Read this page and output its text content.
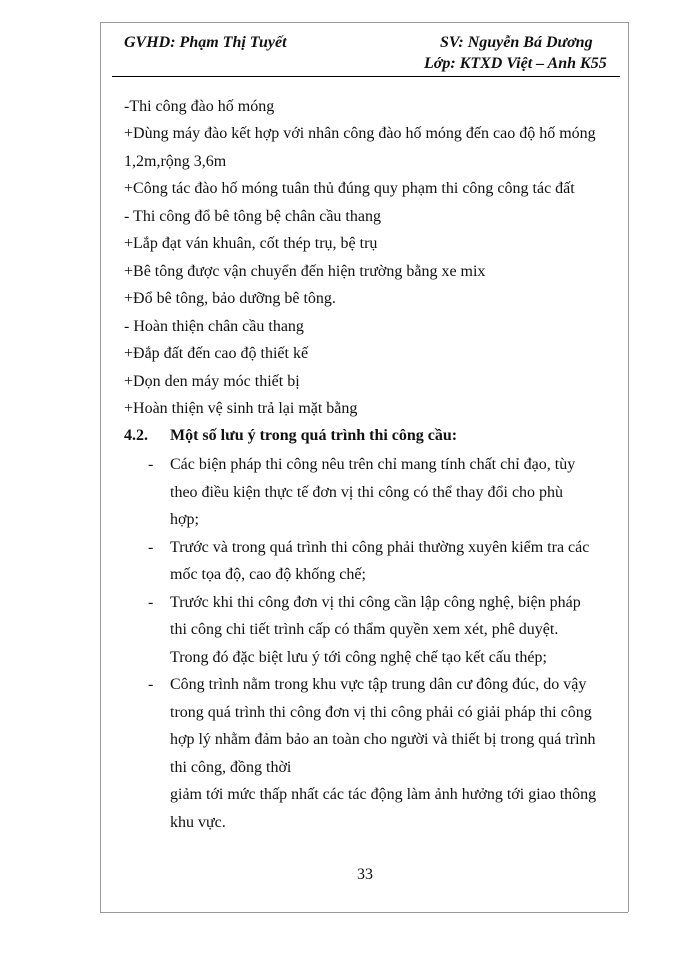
GVHD: Phạm Thị Tuyết	SV: Nguyễn Bá Dương
Lớp: KTXD Việt – Anh K55
-Thi công đào hố móng
+Dùng máy đào kết hợp với nhân công đào hố móng đến cao độ hố móng
1,2m,rộng 3,6m
+Công tác đào hố móng tuân thủ đúng quy phạm thi công công tác đất
- Thi công đổ bê tông bệ chân cầu thang
+Lắp đạt ván khuân, cốt thép trụ, bệ trụ
+Bê tông được vận chuyển đến hiện trường bằng xe mix
+Đổ bê tông, bảo dưỡng bê tông.
- Hoàn thiện chân cầu thang
+Đắp đất đến cao độ thiết kế
+Dọn den máy móc thiết bị
+Hoàn thiện vệ sinh trả lại mặt bằng
4.2. Một số lưu ý trong quá trình thi công cầu:
- Các biện pháp thi công nêu trên chỉ mang tính chất chỉ đạo, tùy
theo điều kiện thực tế đơn vị thi công có thể thay đổi cho phù
hợp;
- Trước và trong quá trình thi công phải thường xuyên kiểm tra các
mốc tọa độ, cao độ khống chế;
- Trước khi thi công đơn vị thi công cần lập công nghệ, biện pháp
thi công chi tiết trình cấp có thẩm quyền xem xét, phê duyệt.
Trong đó đặc biệt lưu ý tới công nghệ chế tạo kết cấu thép;
- Công trình nằm trong khu vực tập trung dân cư đông đúc, do vậy
trong quá trình thi công đơn vị thi công phải có giải pháp thi công
hợp lý nhằm đảm bảo an toàn cho người và thiết bị trong quá trình
thi công, đồng thời
giảm tới mức thấp nhất các tác động làm ảnh hưởng tới giao thông
khu vực.
33
